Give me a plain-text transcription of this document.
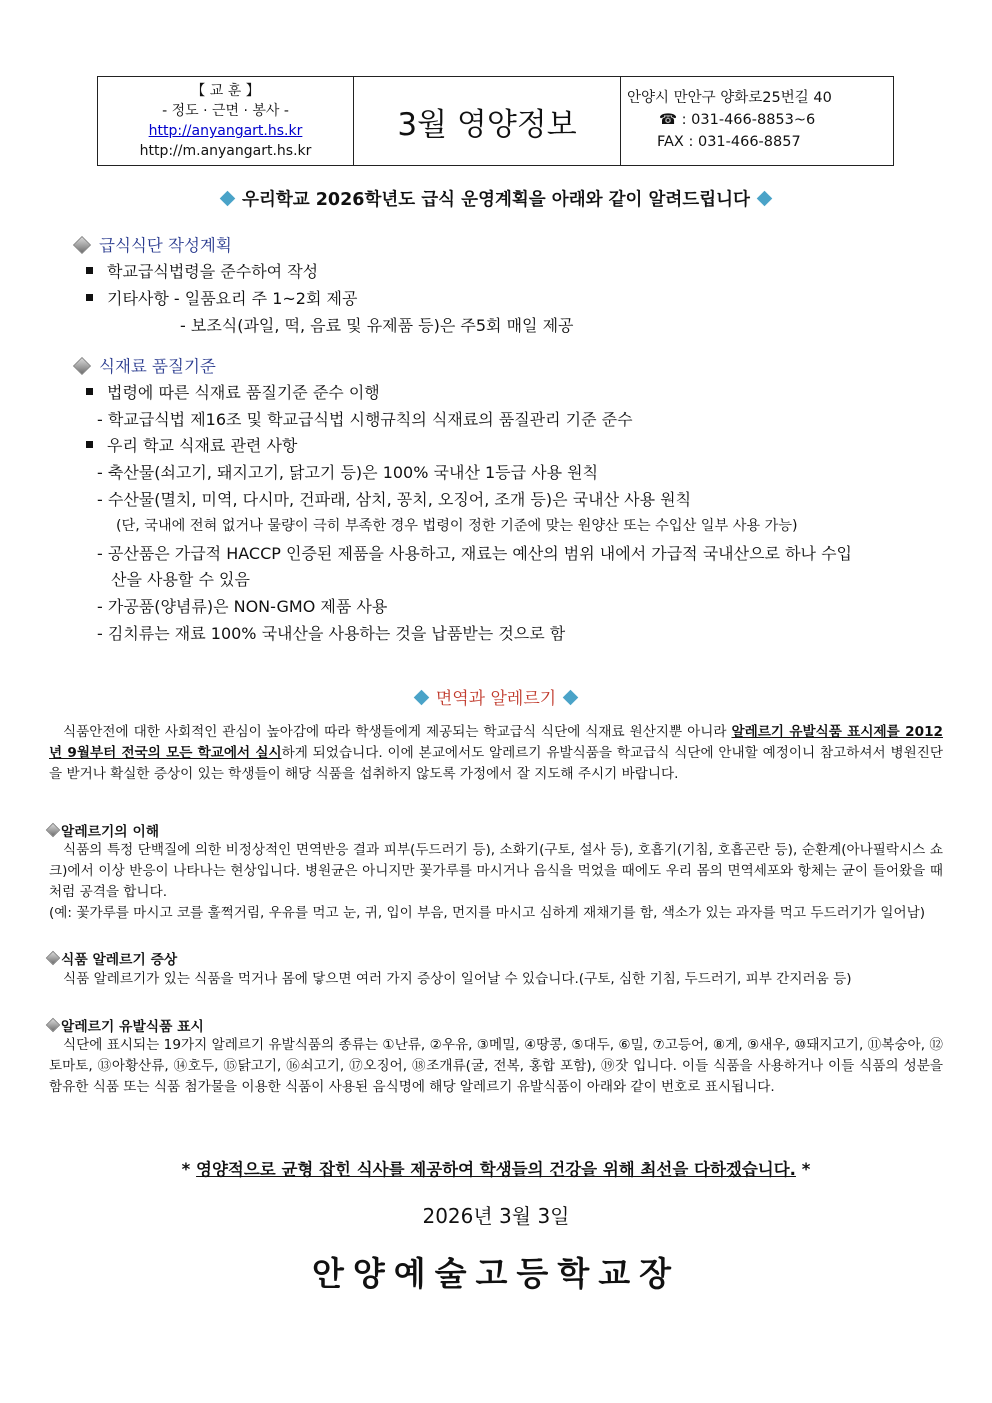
【 교 훈 】
- 정도 · 근면 · 봉사 -
http://anyangart.hs.kr
http://m.anyangart.hs.kr
3월 영양정보
안양시 만안구 양화로25번길 40
☎ : 031-466-8853~6
FAX : 031-466-8857
우리학교 2026학년도 급식 운영계획을 아래와 같이 알려드립니다
급식식단 작성계획
학교급식법령을 준수하여 작성
기타사항 - 일품요리 주 1~2회 제공
- 보조식(과일, 떡, 음료 및 유제품 등)은 주5회 매일 제공
식재료 품질기준
법령에 따른 식재료 품질기준 준수 이행
- 학교급식법 제16조 및 학교급식법 시행규칙의 식재료의 품질관리 기준 준수
우리 학교 식재료 관련 사항
- 축산물(쇠고기, 돼지고기, 닭고기 등)은 100% 국내산 1등급 사용 원칙
- 수산물(멸치, 미역, 다시마, 건파래, 삼치, 꽁치, 오징어, 조개 등)은 국내산 사용 원칙
(단, 국내에 전혀 없거나 물량이 극히 부족한 경우 법령이 정한 기준에 맞는 원양산 또는 수입산 일부 사용 가능)
- 공산품은 가급적 HACCP 인증된 제품을 사용하고, 재료는 예산의 범위 내에서 가급적 국내산으로 하나 수입
산을 사용할 수 있음
- 가공품(양념류)은 NON-GMO 제품 사용
- 김치류는 재료 100% 국내산을 사용하는 것을 납품받는 것으로 함
면역과 알레르기
식품안전에 대한 사회적인 관심이 높아감에 따라 학생들에게 제공되는 학교급식 식단에 식재료 원산지뿐 아니라 알레르기 유발식품 표시제를 2012년 9월부터 전국의 모든 학교에서 실시하게 되었습니다. 이에 본교에서도 알레르기 유발식품을 학교급식 식단에 안내할 예정이니 참고하셔서 병원진단을 받거나 확실한 증상이 있는 학생들이 해당 식품을 섭취하지 않도록 가정에서 잘 지도해 주시기 바랍니다.
알레르기의 이해
식품의 특정 단백질에 의한 비정상적인 면역반응 결과 피부(두드러기 등), 소화기(구토, 설사 등), 호흡기(기침, 호흡곤란 등), 순환계(아나필락시스 쇼크)에서 이상 반응이 나타나는 현상입니다. 병원균은 아니지만 꽃가루를 마시거나 음식을 먹었을 때에도 우리 몸의 면역세포와 항체는 균이 들어왔을 때처럼 공격을 합니다.
(예: 꽃가루를 마시고 코를 훌쩍거림, 우유를 먹고 눈, 귀, 입이 부음, 먼지를 마시고 심하게 재채기를 함, 색소가 있는 과자를 먹고 두드러기가 일어남)
식품 알레르기 증상
식품 알레르기가 있는 식품을 먹거나 몸에 닿으면 여러 가지 증상이 일어날 수 있습니다.(구토, 심한 기침, 두드러기, 피부 간지러움 등)
알레르기 유발식품 표시
식단에 표시되는 19가지 알레르기 유발식품의 종류는 ①난류, ②우유, ③메밀, ④땅콩, ⑤대두, ⑥밀, ⑦고등어, ⑧게, ⑨새우, ⑩돼지고기, ⑪복숭아, ⑫토마토, ⑬아황산류, ⑭호두, ⑮닭고기, ⑯쇠고기, ⑰오징어, ⑱조개류(굴, 전복, 홍합 포함), ⑲잣 입니다. 이들 식품을 사용하거나 이들 식품의 성분을 함유한 식품 또는 식품 첨가물을 이용한 식품이 사용된 음식명에 해당 알레르기 유발식품이 아래와 같이 번호로 표시됩니다.
* 영양적으로 균형 잡힌 식사를 제공하여 학생들의 건강을 위해 최선을 다하겠습니다. *
2026년 3월 3일
안양예술고등학교장
